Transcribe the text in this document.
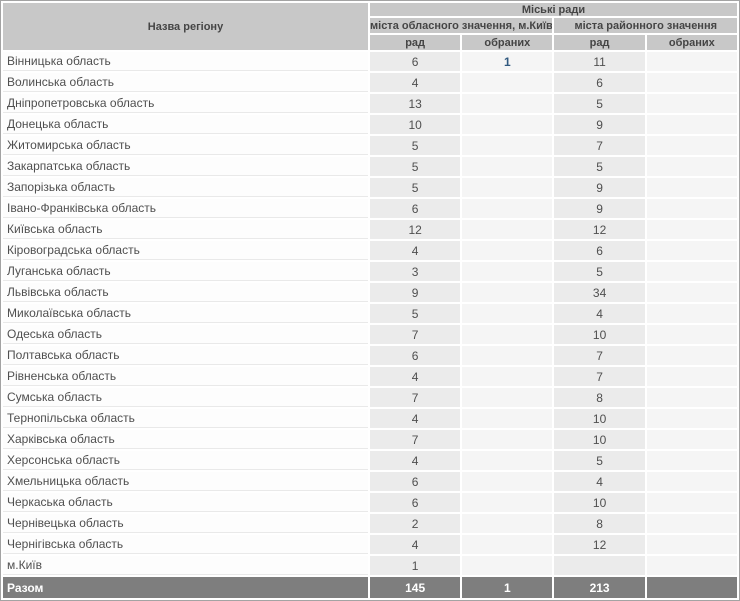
Назва регіону	Міські ради			
	міста обласного значення, м.Київ		міста районного значення	
	рад	обраних	рад	обраних
Вінницька область	6	1	11	
Волинська область	4		6	
Дніпропетровська область	13		5	
Донецька область	10		9	
Житомирська область	5		7	
Закарпатська область	5		5	
Запорізька область	5		9	
Івано-Франківська область	6		9	
Київська область	12		12	
Кіровоградська область	4		6	
Луганська область	3		5	
Львівська область	9		34	
Миколаївська область	5		4	
Одеська область	7		10	
Полтавська область	6		7	
Рівненська область	4		7	
Сумська область	7		8	
Тернопільська область	4		10	
Харківська область	7		10	
Херсонська область	4		5	
Хмельницька область	6		4	
Черкаська область	6		10	
Чернівецька область	2		8	
Чернігівська область	4		12	
м.Київ	1			
Разом	145	1	213	
